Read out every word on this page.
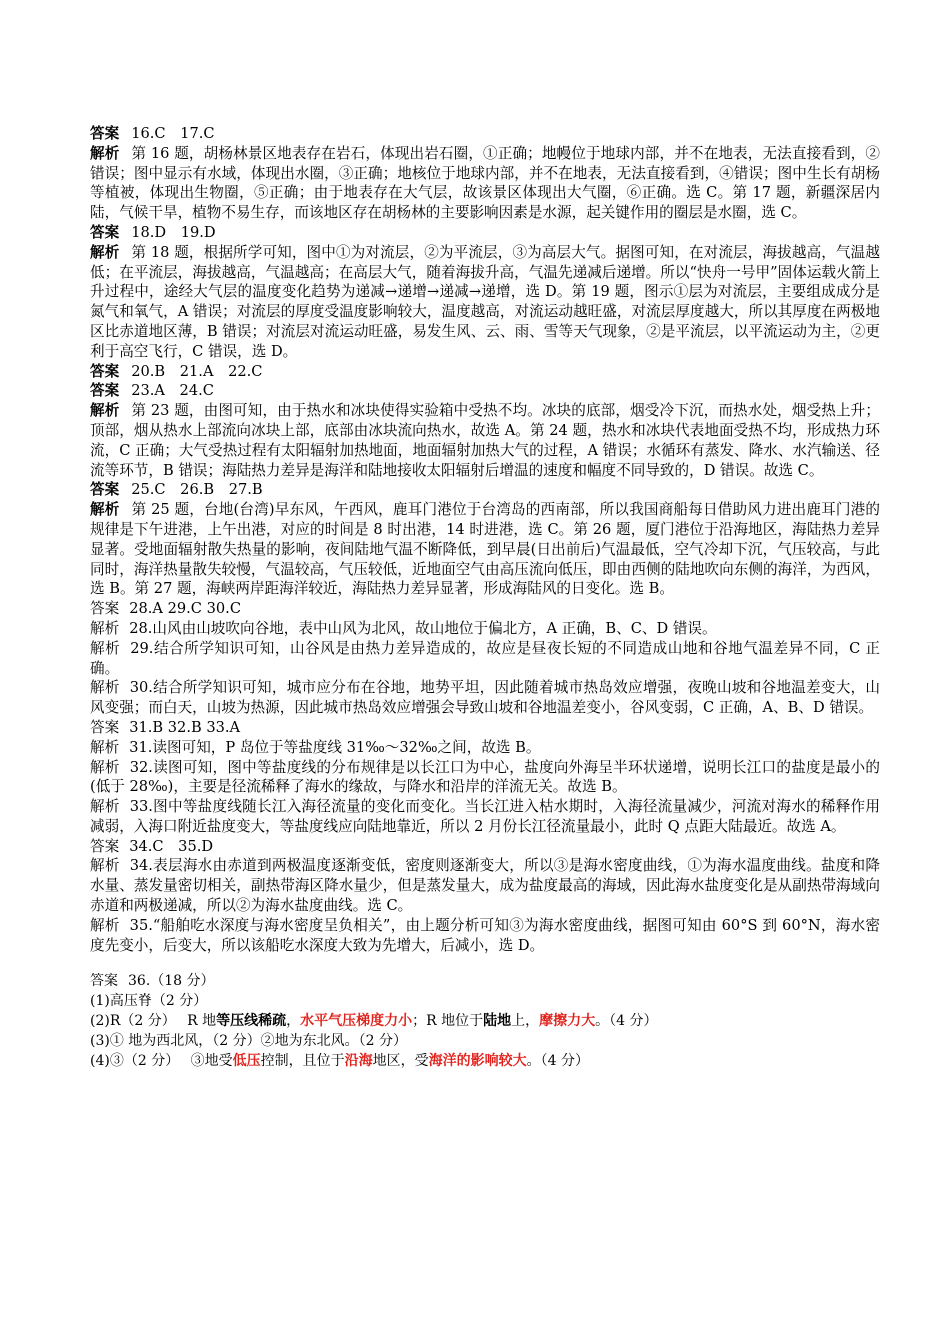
答案 16.C　17.C
解析 第 16 题，胡杨林景区地表存在岩石，体现出岩石圈，①正确；地幔位于地球内部，并不在地表，无法直接看到，②错误；图中显示有水域，体现出水圈，③正确；地核位于地球内部，并不在地表，无法直接看到，④错误；图中生长有胡杨等植被，体现出生物圈，⑤正确；由于地表存在大气层，故该景区体现出大气圈，⑥正确。选 C。第 17 题，新疆深居内陆，气候干旱，植物不易生存，而该地区存在胡杨林的主要影响因素是水源，起关键作用的圈层是水圈，选 C。
答案 18.D　19.D
解析 第 18 题，根据所学可知，图中①为对流层，②为平流层，③为高层大气。据图可知，在对流层，海拔越高，气温越低；在平流层，海拔越高，气温越高；在高层大气，随着海拔升高，气温先递减后递增。所以“快舟一号甲”固体运载火箭上升过程中，途经大气层的温度变化趋势为递减→递增→递减→递增，选 D。第 19 题，图示①层为对流层，主要组成成分是氮气和氧气，A 错误；对流层的厚度受温度影响较大，温度越高，对流运动越旺盛，对流层厚度越大，所以其厚度在两极地区比赤道地区薄，B 错误；对流层对流运动旺盛，易发生风、云、雨、雪等天气现象，②是平流层，以平流运动为主，②更利于高空飞行，C 错误，选 D。
答案 20.B　21.A　22.C
答案 23.A　24.C
解析 第 23 题，由图可知，由于热水和冰块使得实验箱中受热不均。冰块的底部，烟受冷下沉，而热水处，烟受热上升；顶部，烟从热水上部流向冰块上部，底部由冰块流向热水，故选 A。第 24 题，热水和冰块代表地面受热不均，形成热力环流，C 正确；大气受热过程有太阳辐射加热地面，地面辐射加热大气的过程，A 错误；水循环有蒸发、降水、水汽输送、径流等环节，B 错误；海陆热力差异是海洋和陆地接收太阳辐射后增温的速度和幅度不同导致的，D 错误。故选 C。
答案 25.C　26.B　27.B
解析 第 25 题，台地(台湾)早东风，午西风，鹿耳门港位于台湾岛的西南部，所以我国商船每日借助风力进出鹿耳门港的规律是下午进港，上午出港，对应的时间是 8 时出港，14 时进港，选 C。第 26 题，厦门港位于沿海地区，海陆热力差异显著。受地面辐射散失热量的影响，夜间陆地气温不断降低，到早晨(日出前后)气温最低，空气冷却下沉，气压较高，与此同时，海洋热量散失较慢，气温较高，气压较低，近地面空气由高压流向低压，即由西侧的陆地吹向东侧的海洋，为西风，选 B。第 27 题，海峡两岸距海洋较近，海陆热力差异显著，形成海陆风的日变化。选 B。
答案 28.A 29.C 30.C
解析 28.山风由山坡吹向谷地，表中山风为北风，故山地位于偏北方，A 正确，B、C、D 错误。
解析 29.结合所学知识可知，山谷风是由热力差异造成的，故应是昼夜长短的不同造成山地和谷地气温差异不同，C 正确。
解析 30.结合所学知识可知，城市应分布在谷地，地势平坦，因此随着城市热岛效应增强，夜晚山坡和谷地温差变大，山风变强；而白天，山坡为热源，因此城市热岛效应增强会导致山坡和谷地温差变小，谷风变弱，C 正确，A、B、D 错误。
答案 31.B 32.B 33.A
解析 31.读图可知，P 岛位于等盐度线 31‰～32‰之间，故选 B。
解析 32.读图可知，图中等盐度线的分布规律是以长江口为中心，盐度向外海呈半环状递增，说明长江口的盐度是最小的(低于 28‰)，主要是径流稀释了海水的缘故，与降水和沿岸的洋流无关。故选 B。
解析 33.图中等盐度线随长江入海径流量的变化而变化。当长江进入枯水期时，入海径流量减少，河流对海水的稀释作用减弱，入海口附近盐度变大，等盐度线应向陆地靠近，所以 2 月份长江径流量最小，此时 Q 点距大陆最近。故选 A。
答案 34.C　35.D
解析 34.表层海水由赤道到两极温度逐渐变低，密度则逐渐变大，所以③是海水密度曲线，①为海水温度曲线。盐度和降水量、蒸发量密切相关，副热带海区降水量少，但是蒸发量大，成为盐度最高的海域，因此海水盐度变化是从副热带海域向赤道和两极递减，所以②为海水盐度曲线。选 C。
解析 35.“船舶吃水深度与海水密度呈负相关”，由上题分析可知③为海水密度曲线，据图可知由 60°S 到 60°N，海水密度先变小，后变大，所以该船吃水深度大致为先增大，后减小，选 D。
答案 36.（18 分）
(1)高压脊（2 分）
(2)R（2 分）　 R 地等压线稀疏，水平气压梯度力小；R 地位于陆地上，摩擦力大。（4 分）
(3)① 地为西北风，（2 分）②地为东北风。（2 分）
(4)③（2 分）　 ③地受低压控制，且位于沿海地区，受海洋的影响较大。（4 分）
